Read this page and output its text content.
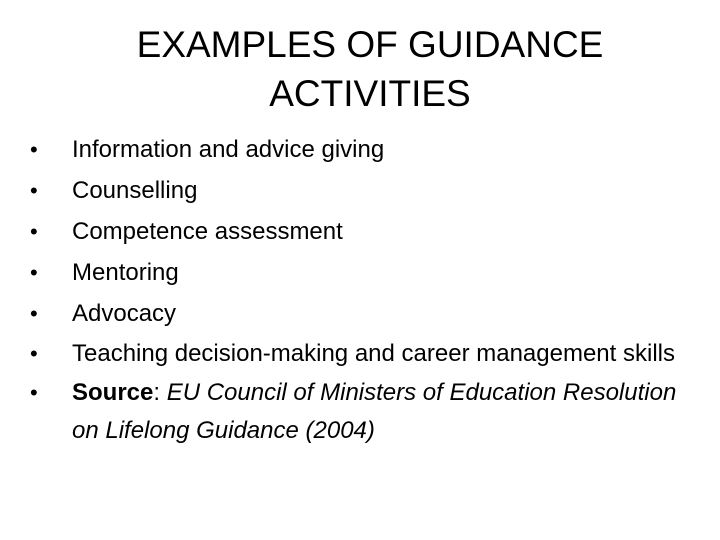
EXAMPLES OF GUIDANCE
ACTIVITIES
•	Information and advice giving
•	Counselling
•	Competence assessment
•	Mentoring
•	Advocacy
•	Teaching decision-making and career management skills
•	Source: EU Council of Ministers of Education Resolution on Lifelong Guidance (2004)
